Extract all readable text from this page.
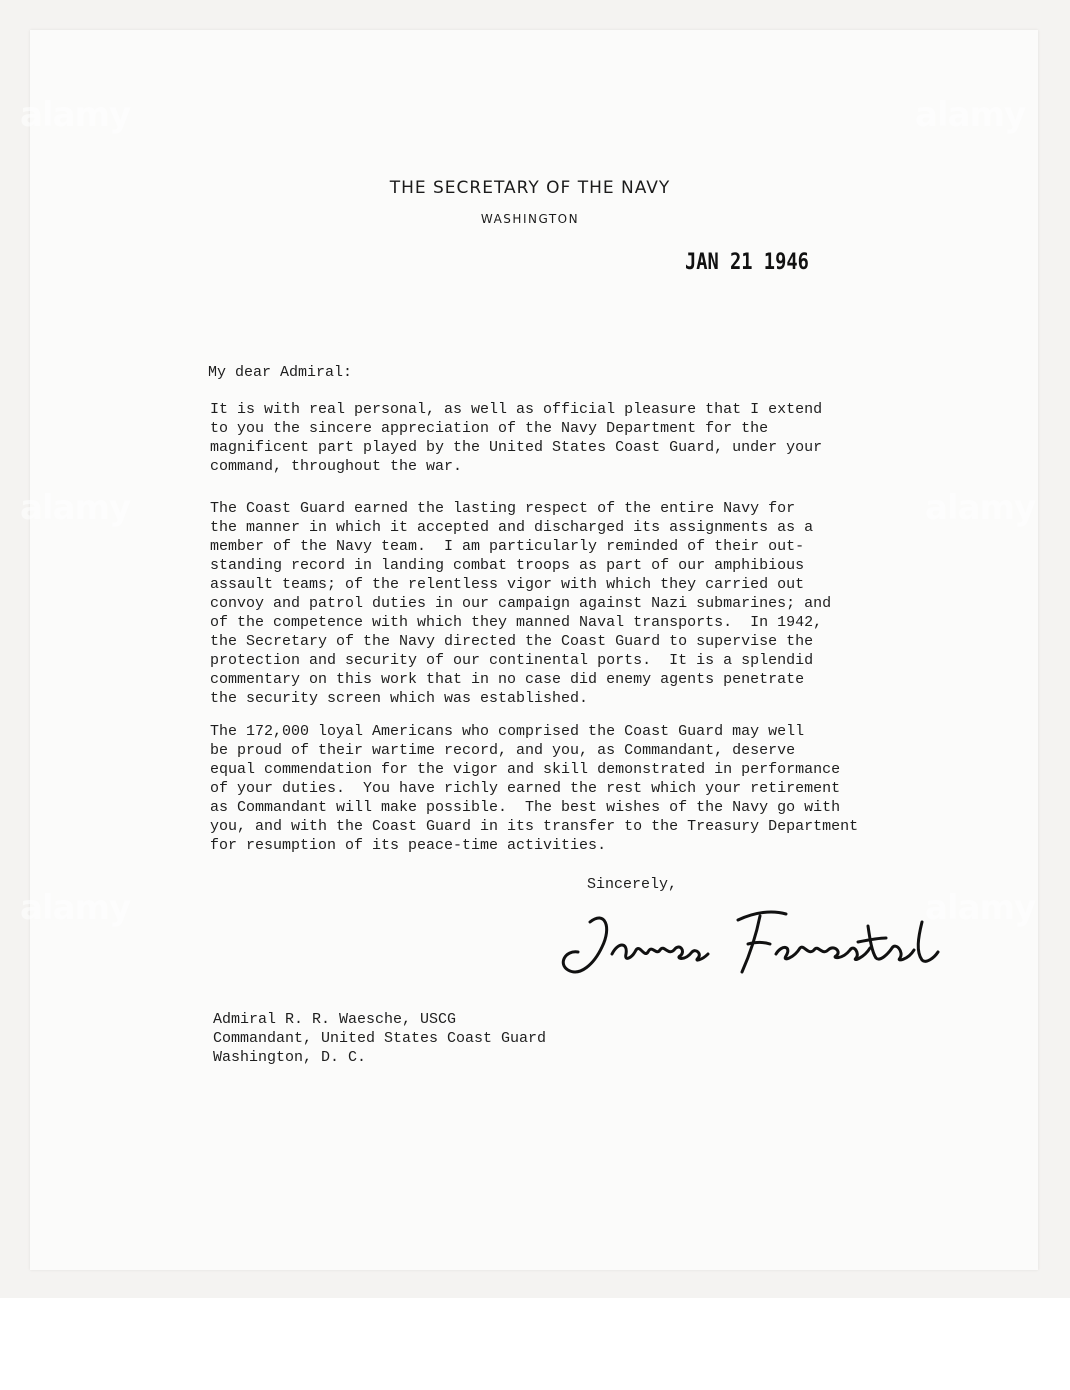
THE SECRETARY OF THE NAVY
WASHINGTON
JAN 21 1946
My dear Admiral:

It is with real personal, as well as official pleasure that I extend
to you the sincere appreciation of the Navy Department for the
magnificent part played by the United States Coast Guard, under your
command, throughout the war.

The Coast Guard earned the lasting respect of the entire Navy for
the manner in which it accepted and discharged its assignments as a
member of the Navy team.  I am particularly reminded of their out-
standing record in landing combat troops as part of our amphibious
assault teams; of the relentless vigor with which they carried out
convoy and patrol duties in our campaign against Nazi submarines; and
of the competence with which they manned Naval transports.  In 1942,
the Secretary of the Navy directed the Coast Guard to supervise the
protection and security of our continental ports.  It is a splendid
commentary on this work that in no case did enemy agents penetrate
the security screen which was established.

The 172,000 loyal Americans who comprised the Coast Guard may well
be proud of their wartime record, and you, as Commandant, deserve
equal commendation for the vigor and skill demonstrated in performance
of your duties.  You have richly earned the rest which your retirement
as Commandant will make possible.  The best wishes of the Navy go with
you, and with the Coast Guard in its transfer to the Treasury Department
for resumption of its peace-time activities.

Sincerely,

Admiral R. R. Waesche, USCG
Commandant, United States Coast Guard
Washington, D. C.

alamy	alamy
alamy	alamy
alamy	alamy
